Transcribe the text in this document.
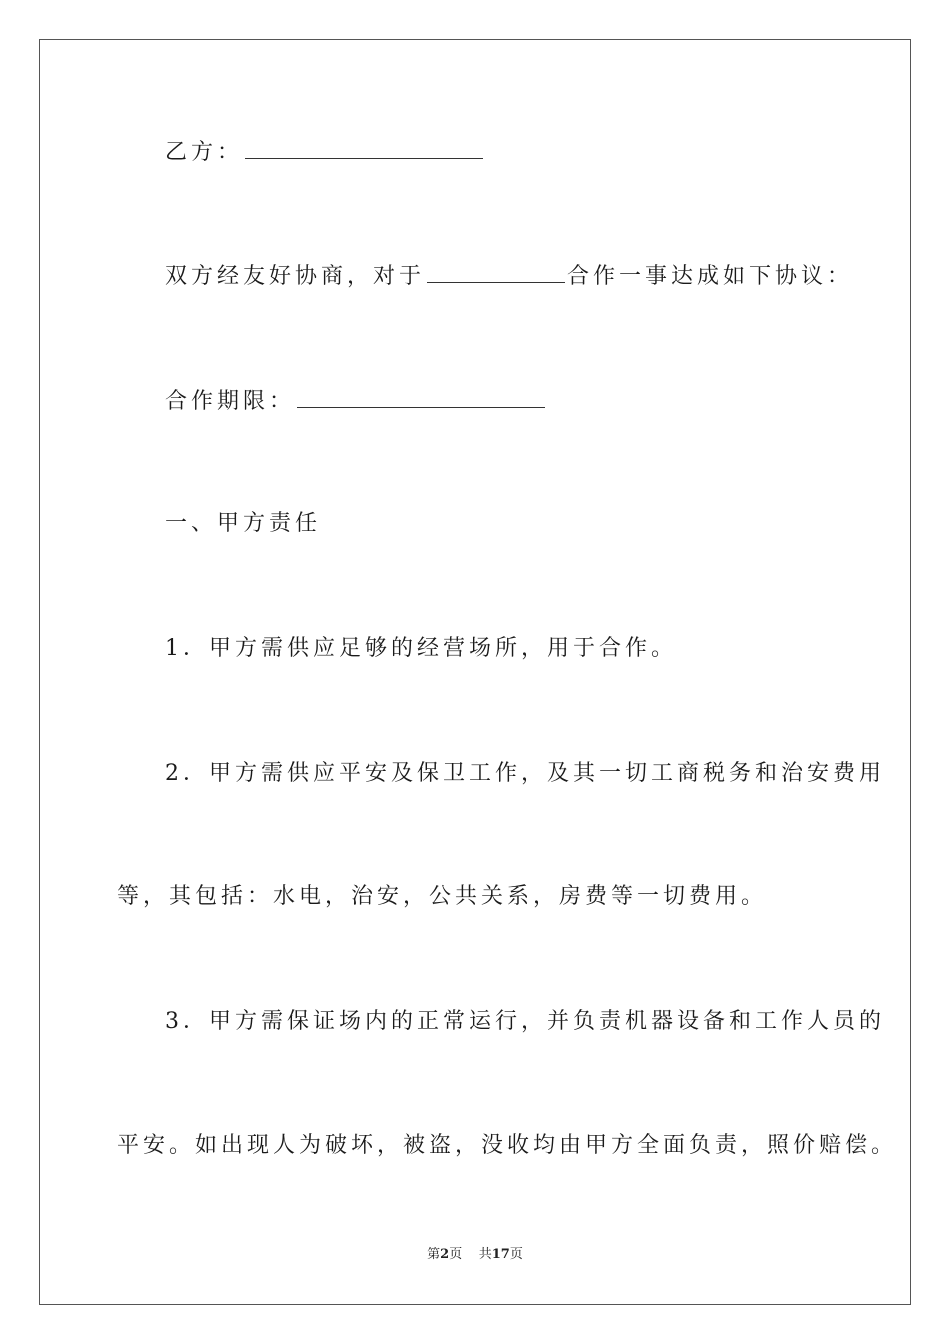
乙方：
双方经友好协商，对于	合作一事达成如下协议：
合作期限：
一、甲方责任
1．甲方需供应足够的经营场所，用于合作。
2．甲方需供应平安及保卫工作，及其一切工商税务和治安费用
等，其包括：水电，治安，公共关系，房费等一切费用。
3．甲方需保证场内的正常运行，并负责机器设备和工作人员的
平安。如出现人为破坏，被盗，没收均由甲方全面负责，照价赔偿。
第2页 共17页
